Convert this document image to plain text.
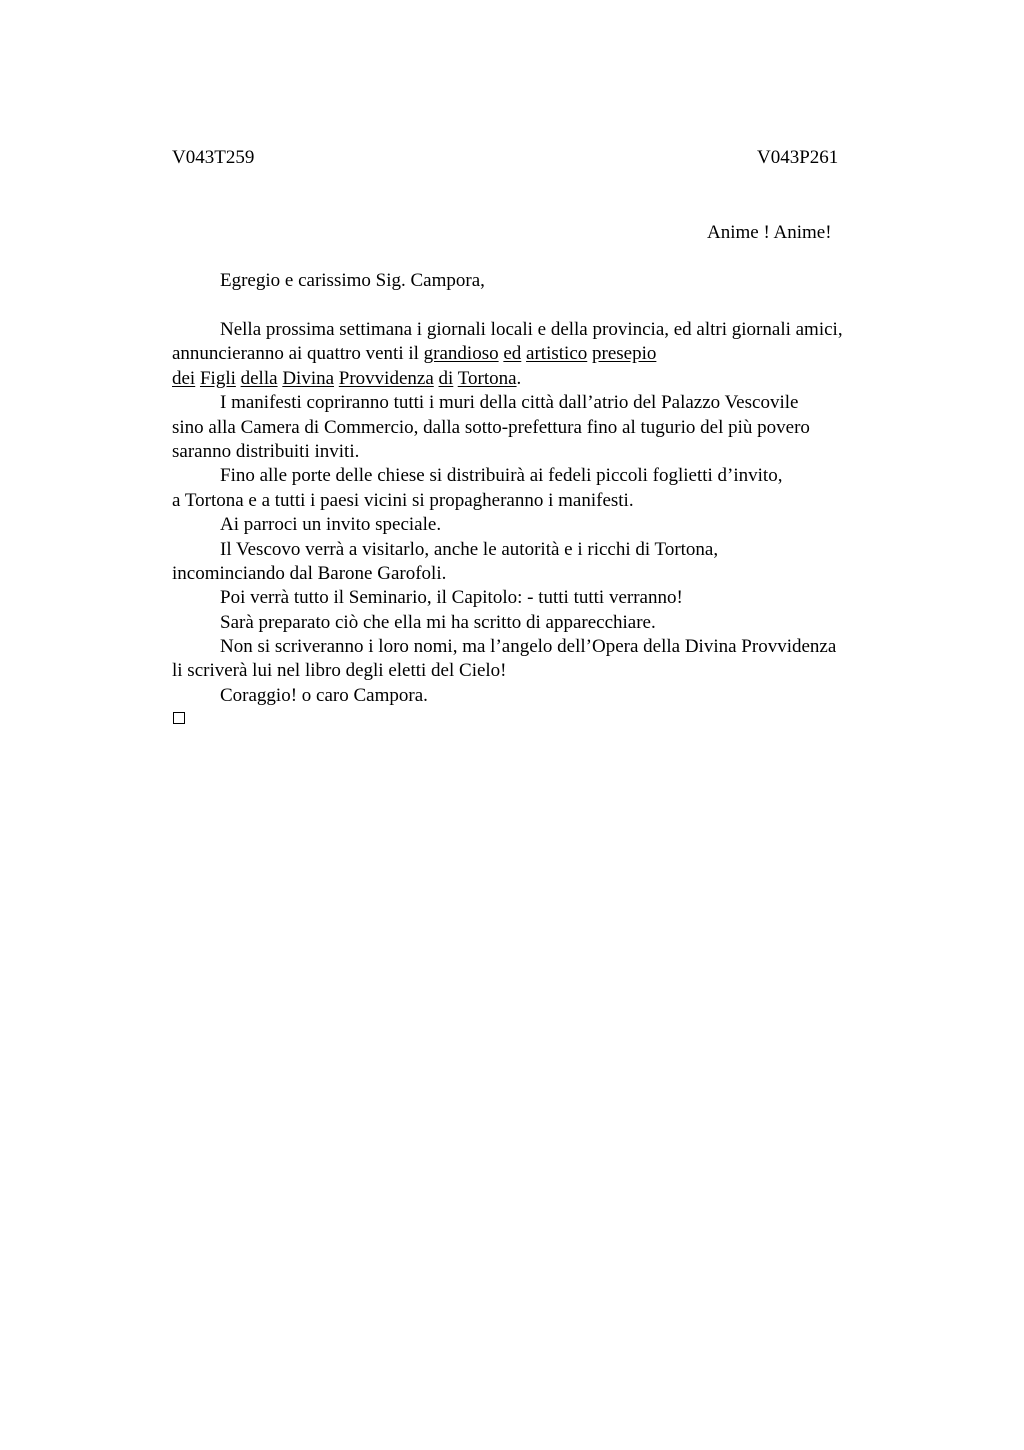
V043T259	V043P261
Anime ! Anime!
Egregio e carissimo Sig. Campora,
Nella prossima settimana i giornali locali e della provincia, ed altri giornali amici,
annuncieranno ai quattro venti il grandioso ed artistico presepio
dei Figli della Divina Provvidenza di Tortona.
I manifesti copriranno tutti i muri della città dall’atrio del Palazzo Vescovile
sino alla Camera di Commercio, dalla sotto-prefettura fino al tugurio del più povero
saranno distribuiti inviti.
Fino alle porte delle chiese si distribuirà ai fedeli piccoli foglietti d’invito,
a Tortona e a tutti i paesi vicini si propagheranno i manifesti.
Ai parroci un invito speciale.
Il Vescovo verrà a visitarlo, anche le autorità e i ricchi di Tortona,
incominciando dal Barone Garofoli.
Poi verrà tutto il Seminario, il Capitolo: - tutti tutti verranno!
Sarà preparato ciò che ella mi ha scritto di apparecchiare.
Non si scriveranno i loro nomi, ma l’angelo dell’Opera della Divina Provvidenza
li scriverà lui nel libro degli eletti del Cielo!
Coraggio! o caro Campora.
